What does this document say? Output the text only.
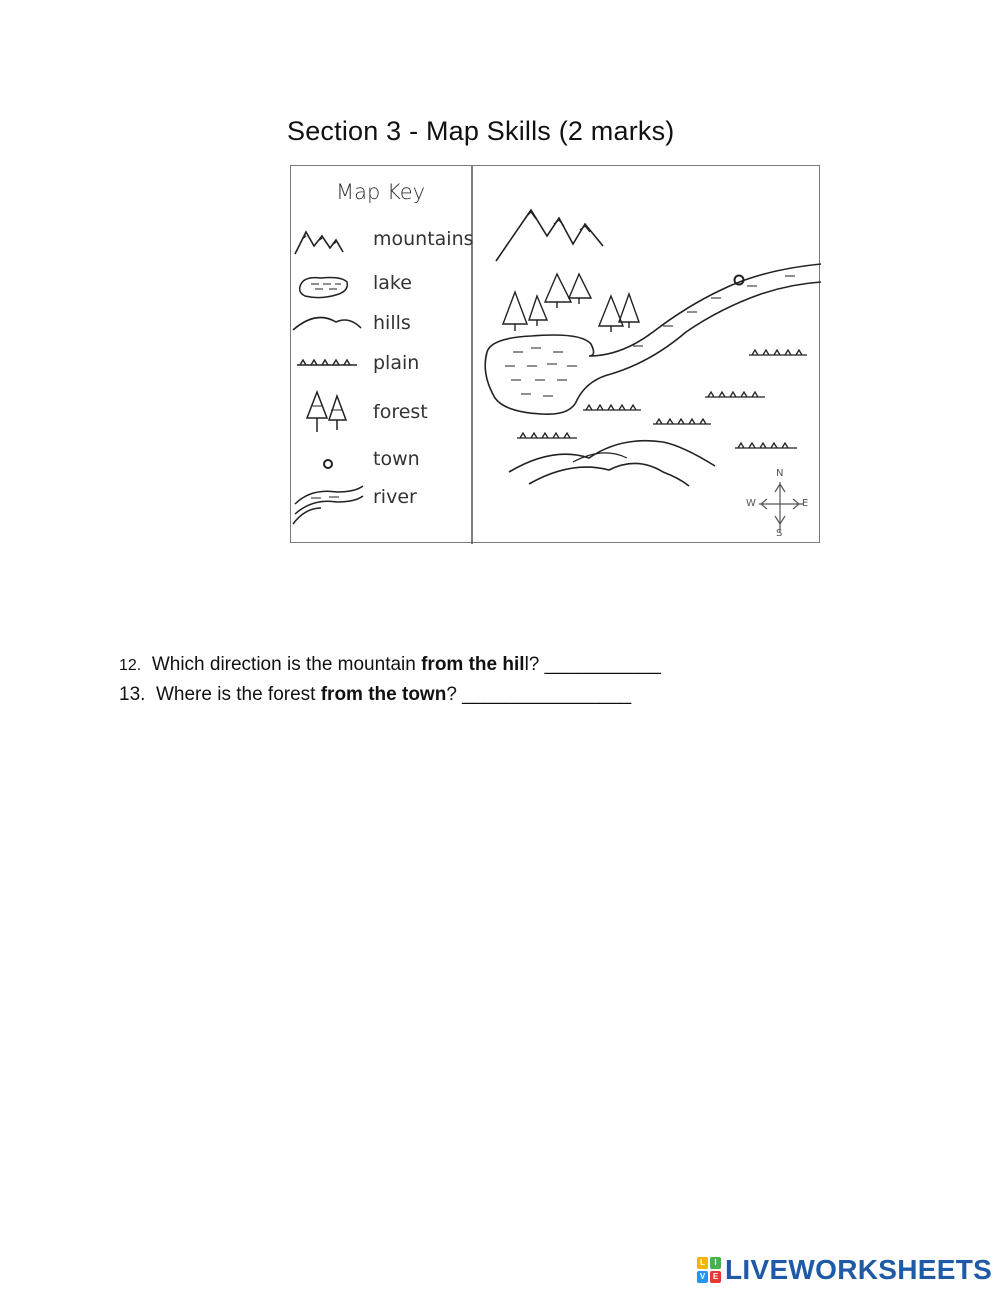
Section 3 - Map Skills (2 marks)
Map Key
mountains
lake
hills
plain
forest
town
river
N
S
E
W
12. Which direction is the mountain from the hill? ___________
13. Where is the forest from the town? ________________
L	I
V E LIVEWORKSHEETS
